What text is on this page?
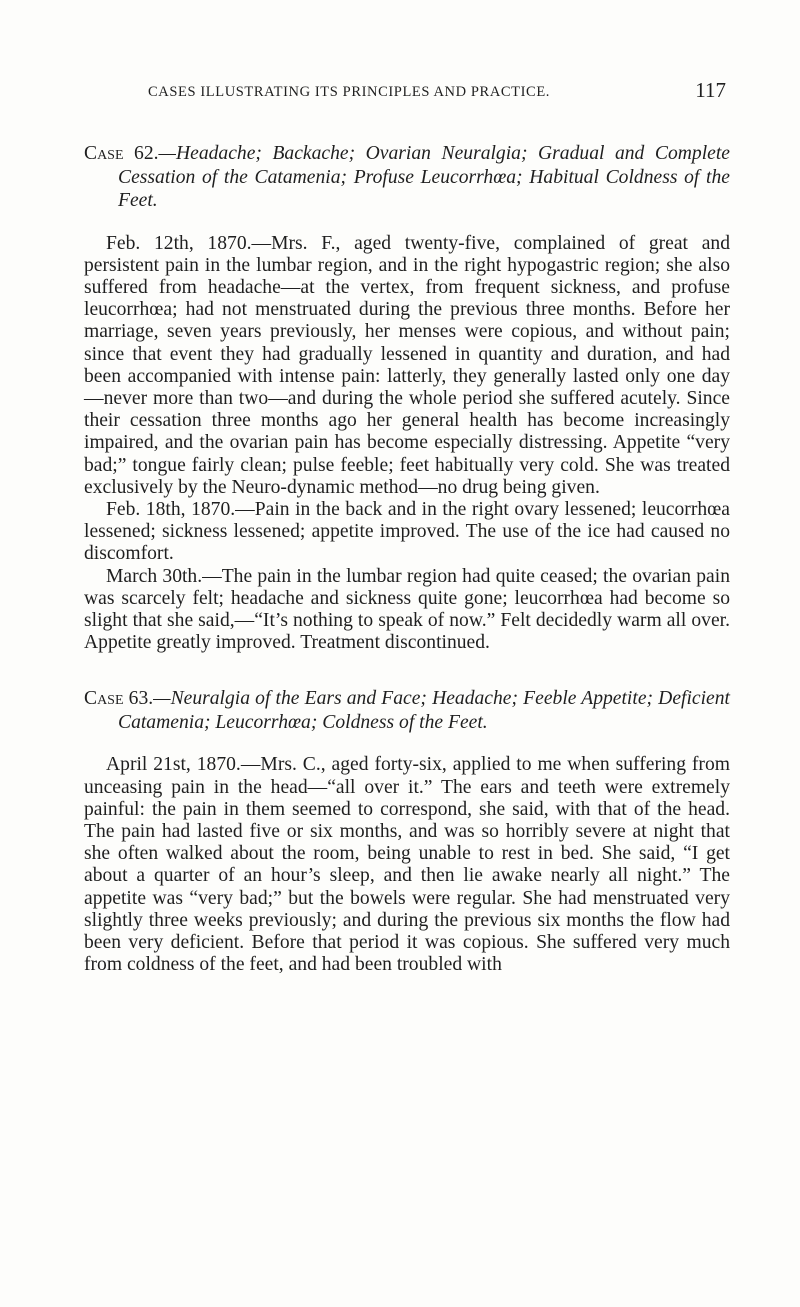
CASES ILLUSTRATING ITS PRINCIPLES AND PRACTICE.	117

Case 62.—Headache; Backache; Ovarian Neuralgia; Gradual and Complete Cessation of the Catamenia; Profuse Leucorrhœa; Habitual Coldness of the Feet.

Feb. 12th, 1870.—Mrs. F., aged twenty-five, complained of great and persistent pain in the lumbar region, and in the right hypogastric region; she also suffered from headache—at the vertex, from frequent sickness, and profuse leucorrhœa; had not menstruated during the previous three months. Before her marriage, seven years previously, her menses were copious, and without pain; since that event they had gradually lessened in quantity and duration, and had been accompanied with intense pain: latterly, they generally lasted only one day—never more than two—and during the whole period she suffered acutely. Since their cessation three months ago her general health has become increasingly impaired, and the ovarian pain has become especially distressing. Appetite “very bad;” tongue fairly clean; pulse feeble; feet habitually very cold. She was treated exclusively by the Neuro-dynamic method—no drug being given.

Feb. 18th, 1870.—Pain in the back and in the right ovary lessened; leucorrhœa lessened; sickness lessened; appetite improved. The use of the ice had caused no discomfort.

March 30th.—The pain in the lumbar region had quite ceased; the ovarian pain was scarcely felt; headache and sickness quite gone; leucorrhœa had become so slight that she said,—“It’s nothing to speak of now.” Felt decidedly warm all over. Appetite greatly improved. Treatment discontinued.

Case 63.—Neuralgia of the Ears and Face; Headache; Feeble Appetite; Deficient Catamenia; Leucorrhœa; Coldness of the Feet.

April 21st, 1870.—Mrs. C., aged forty-six, applied to me when suffering from unceasing pain in the head—“all over it.” The ears and teeth were extremely painful: the pain in them seemed to correspond, she said, with that of the head. The pain had lasted five or six months, and was so horribly severe at night that she often walked about the room, being unable to rest in bed. She said, “I get about a quarter of an hour’s sleep, and then lie awake nearly all night.” The appetite was “very bad;” but the bowels were regular. She had menstruated very slightly three weeks previously; and during the previous six months the flow had been very deficient. Before that period it was copious. She suffered very much from coldness of the feet, and had been troubled with
